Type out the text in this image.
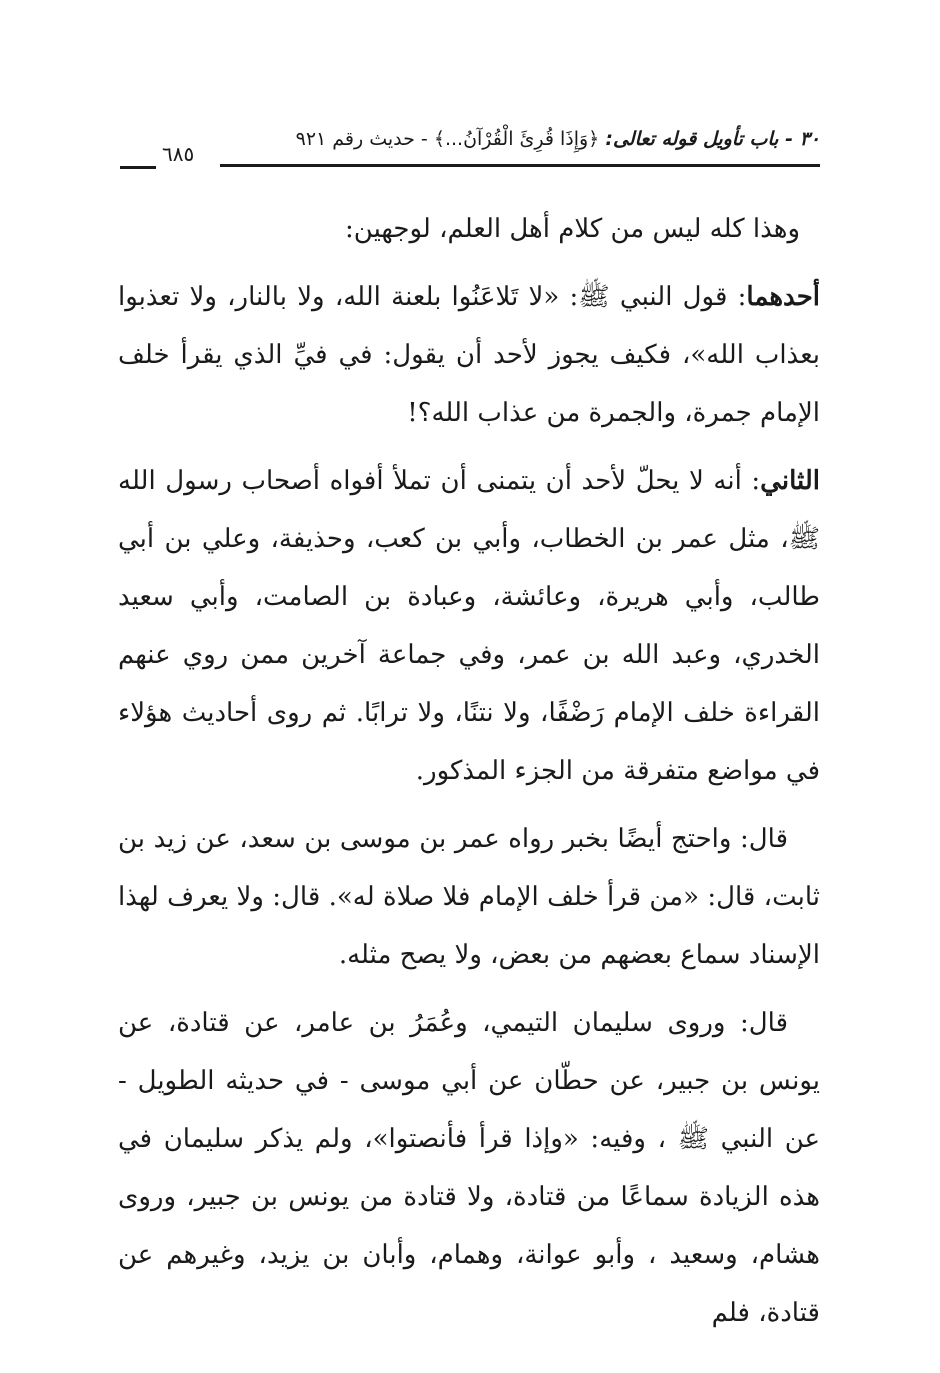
٣٠ - باب تأويل قوله تعالى: ﴿وَإِذَا قُرِئَ الْقُرْآنُ...﴾ - حديث رقم ٩٢١
٦٨٥

وهذا كله ليس من كلام أهل العلم، لوجهين:

أحدهما: قول النبي ﷺ: «لا تَلاعَنُوا بلعنة الله، ولا بالنار، ولا تعذبوا بعذاب الله»، فكيف يجوز لأحد أن يقول: في فيِّ الذي يقرأ خلف الإمام جمرة، والجمرة من عذاب الله؟!

الثاني: أنه لا يحلّ لأحد أن يتمنى أن تملأ أفواه أصحاب رسول الله ﷺ، مثل عمر بن الخطاب، وأبي بن كعب، وحذيفة، وعلي بن أبي طالب، وأبي هريرة، وعائشة، وعبادة بن الصامت، وأبي سعيد الخدري، وعبد الله بن عمر، وفي جماعة آخرين ممن روي عنهم القراءة خلف الإمام رَضْفًا، ولا نتنًا، ولا ترابًا. ثم روى أحاديث هؤلاء في مواضع متفرقة من الجزء المذكور.

قال: واحتج أيضًا بخبر رواه عمر بن موسى بن سعد، عن زيد بن ثابت، قال: «من قرأ خلف الإمام فلا صلاة له». قال: ولا يعرف لهذا الإسناد سماع بعضهم من بعض، ولا يصح مثله.

قال: وروى سليمان التيمي، وعُمَرُ بن عامر، عن قتادة، عن يونس بن جبير، عن حطّان عن أبي موسى - في حديثه الطويل - عن النبي ﷺ ، وفيه: «وإذا قرأ فأنصتوا»، ولم يذكر سليمان في هذه الزيادة سماعًا من قتادة، ولا قتادة من يونس بن جبير، وروى هشام، وسعيد ، وأبو عوانة، وهمام، وأبان بن يزيد، وغيرهم عن قتادة، فلم
